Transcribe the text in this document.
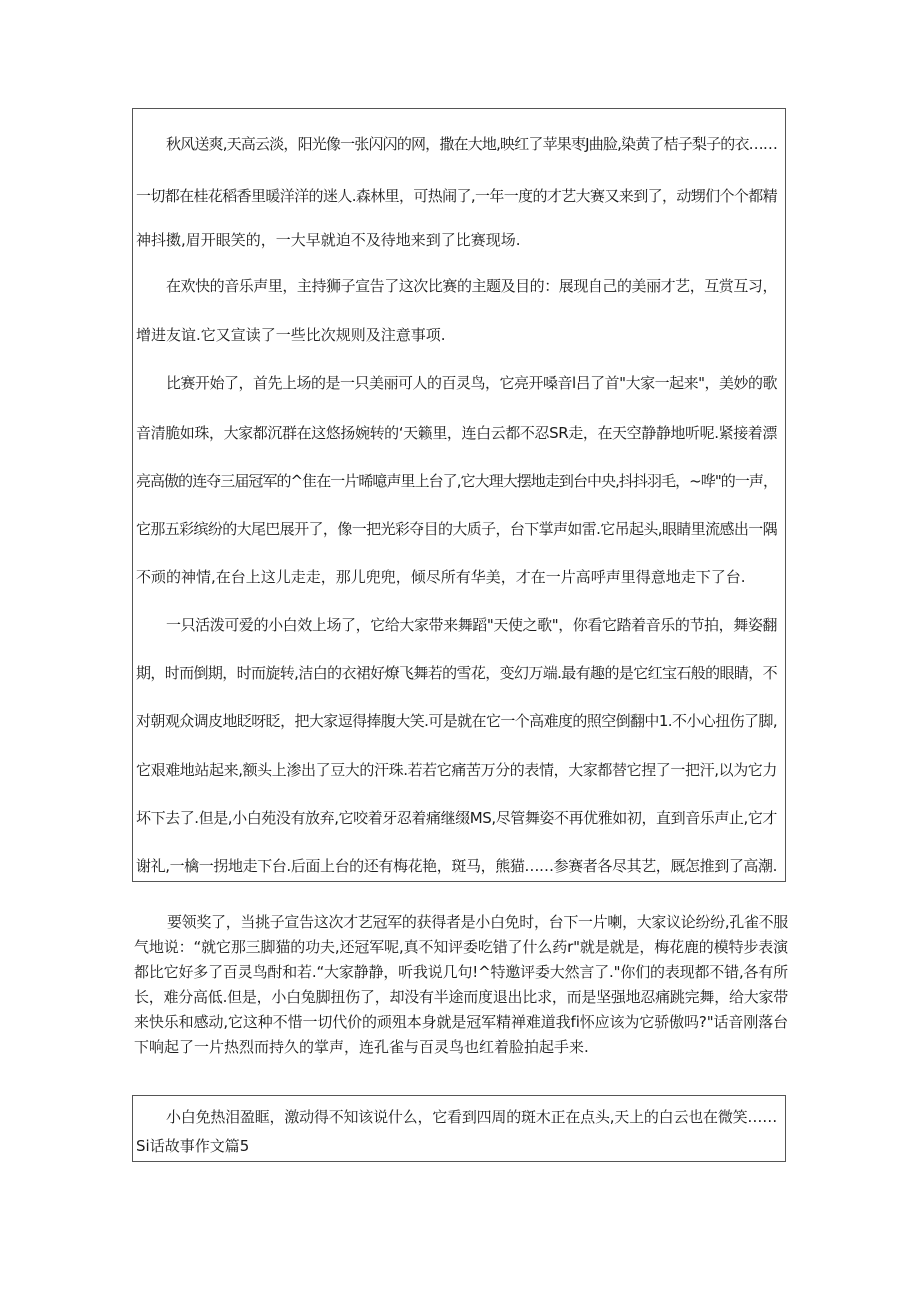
秋风送爽,天高云淡，阳光像一张闪闪的网，撒在大地,映红了苹果枣J曲脸,染黄了桔子梨子的衣……
一切都在桂花稻香里暖洋洋的迷人.森林里，可热闹了,一年一度的才艺大赛又来到了，动甥们个个都精
神抖擞,眉开眼笑的，一大早就迫不及待地来到了比赛现场.
在欢快的音乐声里，主持狮子宣告了这次比赛的主题及目的：展现自己的美丽才艺，互赏互习，
增进友谊.它又宣读了一些比次规则及注意事项.
比赛开始了，首先上场的是一只美丽可人的百灵鸟，它亮开嗓音l吕了首"大家一起来"，美妙的歌
音清脆如珠，大家都沉群在这悠扬婉转的‘天籁里，连白云都不忍SR走，在天空静静地听呢.紧接着漂
亮高傲的连夺三届冠军的^隹在一片晞噫声里上台了,它大理大摆地走到台中央,抖抖羽毛，~哗"的一声，
它那五彩缤纷的大尾巴展开了，像一把光彩夺目的大质子，台下掌声如雷.它吊起头,眼睛里流感出一隅
不顽的神情,在台上这儿走走，那儿兜兜，倾尽所有华美，才在一片高呼声里得意地走下了台.
一只活泼可爱的小白效上场了，它给大家带来舞蹈"天使之歌"，你看它踏着音乐的节拍，舞姿翻
期，时而倒期，时而旋转,洁白的衣裙好燎飞舞若的雪花，变幻万端.最有趣的是它红宝石般的眼睛，不
对朝观众调皮地眨呀眨，把大家逗得捧腹大笑.可是就在它一个高难度的照空倒翻中1.不小心扭伤了脚,
它艰难地站起来,额头上渗出了豆大的汗珠.若若它痛苦万分的表情，大家都替它捏了一把汗,以为它力
坏下去了.但是,小白苑没有放弃,它咬着牙忍着痛继缀MS,尽管舞姿不再优雅如初，直到音乐声止,它才
谢礼,一檎一拐地走下台.后面上台的还有梅花艳，斑马，熊猫……参赛者各尽其艺，厩怎推到了高潮.
要领奖了，当挑子宣告这次才艺冠军的获得者是小白免时，台下一片喇，大家议论纷纷,孔雀不服
气地说：“就它那三脚猫的功夫,还冠军呢,真不知评委吃错了什么药r"就是就是，梅花鹿的模特步表演
都比它好多了百灵鸟酎和若.“大家静静，听我说几句!^特邀评委大然言了."你们的表现都不错,各有所
长，难分高低.但是，小白兔脚扭伤了，却没有半途而度退出比求，而是坚强地忍痛跳完舞，给大家带
来快乐和感动,它这种不惜一切代价的顽殂本身就是冠军精禅难道我fi怀应该为它骄傲吗?"话音刚落台
下响起了一片热烈而持久的掌声，连孔雀与百灵鸟也红着脸拍起手来.
小白免热泪盈眶，激动得不知该说什么，它看到四周的斑木正在点头,天上的白云也在微笑……
Si话故事作文篇5
